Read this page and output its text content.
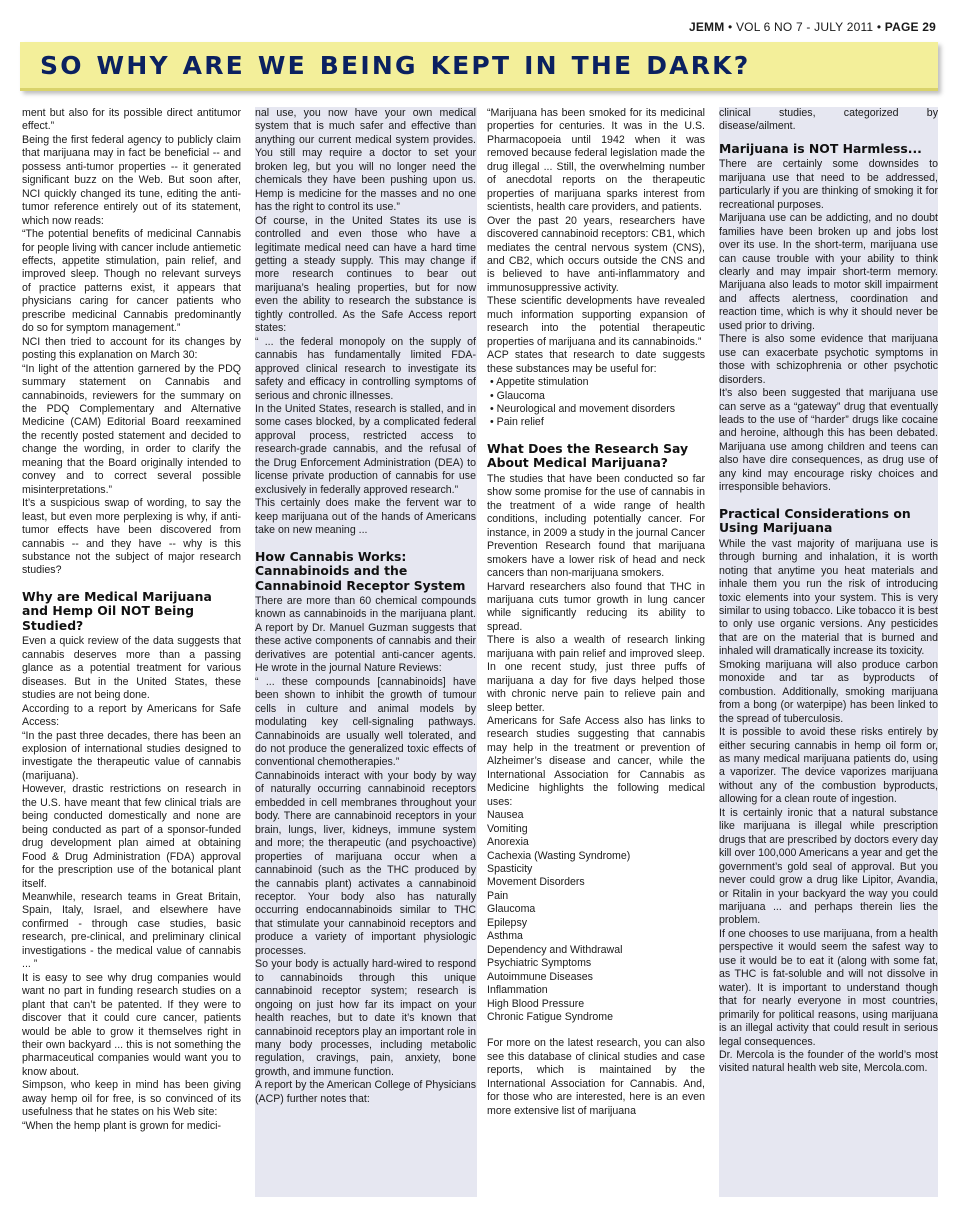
JEMM • VOL 6 NO 7 - JULY 2011 • PAGE 29
SO WHY ARE WE BEING KEPT IN THE DARK?

ment but also for its possible direct antitumor effect.”

Being the first federal agency to publicly claim that marijuana may in fact be beneficial -- and possess anti-tumor properties -- it generated significant buzz on the Web. But soon after, NCI quickly changed its tune, editing the anti-tumor reference entirely out of its statement, which now reads:

“The potential benefits of medicinal Cannabis for people living with cancer include antiemetic effects, appetite stimulation, pain relief, and improved sleep. Though no relevant surveys of practice patterns exist, it appears that physicians caring for cancer patients who prescribe medicinal Cannabis predominantly do so for symptom management.”

NCI then tried to account for its changes by posting this explanation on March 30:

“In light of the attention garnered by the PDQ summary statement on Cannabis and cannabinoids, reviewers for the summary on the PDQ Complementary and Alternative Medicine (CAM) Editorial Board reexamined the recently posted statement and decided to change the wording, in order to clarify the meaning that the Board originally intended to convey and to correct several possible misinterpretations.”

It’s a suspicious swap of wording, to say the least, but even more perplexing is why, if anti-tumor effects have been discovered from cannabis -- and they have -- why is this substance not the subject of major research studies?

Why are Medical Marijuana and Hemp Oil NOT Being Studied?

Even a quick review of the data suggests that cannabis deserves more than a passing glance as a potential treatment for various diseases. But in the United States, these studies are not being done.

According to a report by Americans for Safe Access:

“In the past three decades, there has been an explosion of international studies designed to investigate the therapeutic value of cannabis (marijuana).

However, drastic restrictions on research in the U.S. have meant that few clinical trials are being conducted domestically and none are being conducted as part of a sponsor-funded drug development plan aimed at obtaining Food & Drug Administration (FDA) approval for the prescription use of the botanical plant itself.

Meanwhile, research teams in Great Britain, Spain, Italy, Israel, and elsewhere have confirmed - through case studies, basic research, pre-clinical, and preliminary clinical investigations - the medical value of cannabis ... ”

It is easy to see why drug companies would want no part in funding research studies on a plant that can’t be patented. If they were to discover that it could cure cancer, patients would be able to grow it themselves right in their own backyard ... this is not something the pharmaceutical companies would want you to know about.

Simpson, who keep in mind has been giving away hemp oil for free, is so convinced of its usefulness that he states on his Web site:

“When the hemp plant is grown for medici-

nal use, you now have your own medical system that is much safer and effective than anything our current medical system provides. You still may require a doctor to set your broken leg, but you will no longer need the chemicals they have been pushing upon us. Hemp is medicine for the masses and no one has the right to control its use.”

Of course, in the United States its use is controlled and even those who have a legitimate medical need can have a hard time getting a steady supply. This may change if more research continues to bear out marijuana’s healing properties, but for now even the ability to research the substance is tightly controlled. As the Safe Access report states:

“ ... the federal monopoly on the supply of cannabis has fundamentally limited FDA-approved clinical research to investigate its safety and efficacy in controlling symptoms of serious and chronic illnesses.

In the United States, research is stalled, and in some cases blocked, by a complicated federal approval process, restricted access to research-grade cannabis, and the refusal of the Drug Enforcement Administration (DEA) to license private production of cannabis for use exclusively in federally approved research.”

This certainly does make the fervent war to keep marijuana out of the hands of Americans take on new meaning ...

How Cannabis Works: Cannabinoids and the Cannabinoid Receptor System

There are more than 60 chemical compounds known as cannabinoids in the marijuana plant. A report by Dr. Manuel Guzman suggests that these active components of cannabis and their derivatives are potential anti-cancer agents. He wrote in the journal Nature Reviews:

“ ... these compounds [cannabinoids] have been shown to inhibit the growth of tumour cells in culture and animal models by modulating key cell-signaling pathways. Cannabinoids are usually well tolerated, and do not produce the generalized toxic effects of conventional chemotherapies.”

Cannabinoids interact with your body by way of naturally occurring cannabinoid receptors embedded in cell membranes throughout your body. There are cannabinoid receptors in your brain, lungs, liver, kidneys, immune system and more; the therapeutic (and psychoactive) properties of marijuana occur when a cannabinoid (such as the THC produced by the cannabis plant) activates a cannabinoid receptor. Your body also has naturally occurring endocannabinoids similar to THC that stimulate your cannabinoid receptors and produce a variety of important physiologic processes.

So your body is actually hard-wired to respond to cannabinoids through this unique cannabinoid receptor system; research is ongoing on just how far its impact on your health reaches, but to date it’s known that cannabinoid receptors play an important role in many body processes, including metabolic regulation, cravings, pain, anxiety, bone growth, and immune function.

A report by the American College of Physicians (ACP) further notes that:

“Marijuana has been smoked for its medicinal properties for centuries. It was in the U.S. Pharmacopoeia until 1942 when it was removed because federal legislation made the drug illegal ... Still, the overwhelming number of anecdotal reports on the therapeutic properties of marijuana sparks interest from scientists, health care providers, and patients.

Over the past 20 years, researchers have discovered cannabinoid receptors: CB1, which mediates the central nervous system (CNS), and CB2, which occurs outside the CNS and is believed to have anti-inflammatory and immunosuppressive activity.

These scientific developments have revealed much information supporting expansion of research into the potential therapeutic properties of marijuana and its cannabinoids.”

ACP states that research to date suggests these substances may be useful for:

• Appetite stimulation
• Glaucoma
• Neurological and movement disorders
• Pain relief
What Does the Research Say About Medical Marijuana?

The studies that have been conducted so far show some promise for the use of cannabis in the treatment of a wide range of health conditions, including potentially cancer. For instance, in 2009 a study in the journal Cancer Prevention Research found that marijuana smokers have a lower risk of head and neck cancers than non-marijuana smokers.

Harvard researchers also found that THC in marijuana cuts tumor growth in lung cancer while significantly reducing its ability to spread.

There is also a wealth of research linking marijuana with pain relief and improved sleep. In one recent study, just three puffs of marijuana a day for five days helped those with chronic nerve pain to relieve pain and sleep better.

Americans for Safe Access also has links to research studies suggesting that cannabis may help in the treatment or prevention of Alzheimer’s disease and cancer, while the International Association for Cannabis as Medicine highlights the following medical uses:

Nausea
Vomiting
Anorexia
Cachexia (Wasting Syndrome)
Spasticity
Movement Disorders
Pain
Glaucoma
Epilepsy
Asthma
Dependency and Withdrawal
Psychiatric Symptoms
Autoimmune Diseases
Inflammation
High Blood Pressure
Chronic Fatigue Syndrome

For more on the latest research, you can also see this database of clinical studies and case reports, which is maintained by the International Association for Cannabis. And, for those who are interested, here is an even more extensive list of marijuana

clinical studies, categorized by disease/ailment.

Marijuana is NOT Harmless...

There are certainly some downsides to marijuana use that need to be addressed, particularly if you are thinking of smoking it for recreational purposes.

Marijuana use can be addicting, and no doubt families have been broken up and jobs lost over its use. In the short-term, marijuana use can cause trouble with your ability to think clearly and may impair short-term memory. Marijuana also leads to motor skill impairment and affects alertness, coordination and reaction time, which is why it should never be used prior to driving.

There is also some evidence that marijuana use can exacerbate psychotic symptoms in those with schizophrenia or other psychotic disorders.

It’s also been suggested that marijuana use can serve as a “gateway” drug that eventually leads to the use of “harder” drugs like cocaine and heroine, although this has been debated. Marijuana use among children and teens can also have dire consequences, as drug use of any kind may encourage risky choices and irresponsible behaviors.

Practical Considerations on Using Marijuana

While the vast majority of marijuana use is through burning and inhalation, it is worth noting that anytime you heat materials and inhale them you run the risk of introducing toxic elements into your system. This is very similar to using tobacco. Like tobacco it is best to only use organic versions. Any pesticides that are on the material that is burned and inhaled will dramatically increase its toxicity.

Smoking marijuana will also produce carbon monoxide and tar as byproducts of combustion. Additionally, smoking marijuana from a bong (or waterpipe) has been linked to the spread of tuberculosis.

It is possible to avoid these risks entirely by either securing cannabis in hemp oil form or, as many medical marijuana patients do, using a vaporizer. The device vaporizes marijuana without any of the combustion byproducts, allowing for a clean route of ingestion.

It is certainly ironic that a natural substance like marijuana is illegal while prescription drugs that are prescribed by doctors every day kill over 100,000 Americans a year and get the government’s gold seal of approval. But you never could grow a drug like Lipitor, Avandia, or Ritalin in your backyard the way you could marijuana ... and perhaps therein lies the problem.

If one chooses to use marijuana, from a health perspective it would seem the safest way to use it would be to eat it (along with some fat, as THC is fat-soluble and will not dissolve in water). It is important to understand though that for nearly everyone in most countries, primarily for political reasons, using marijuana is an illegal activity that could result in serious legal consequences.

Dr. Mercola is the founder of the world’s most visited natural health web site, Mercola.com.
